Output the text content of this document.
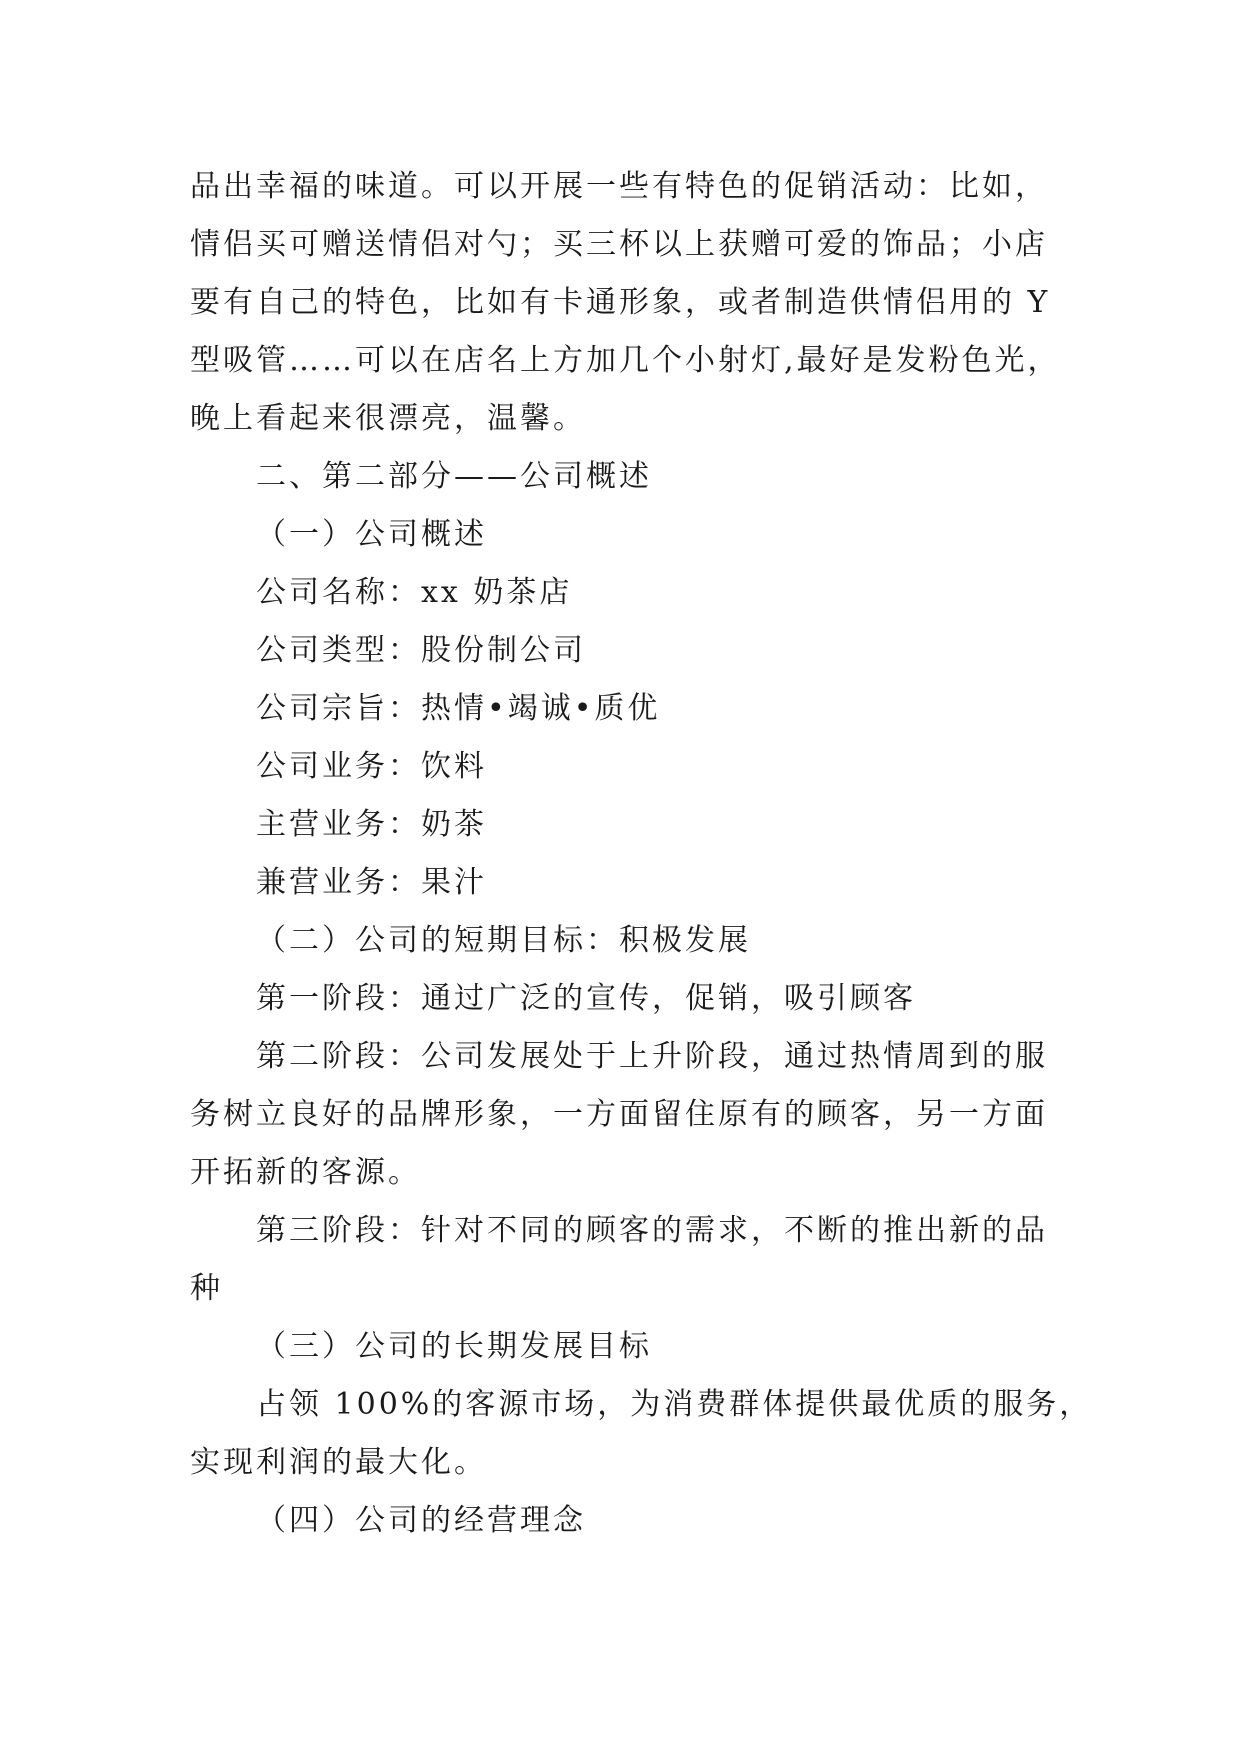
品出幸福的味道。可以开展一些有特色的促销活动：比如，
情侣买可赠送情侣对勺；买三杯以上获赠可爱的饰品；小店
要有自己的特色，比如有卡通形象，或者制造供情侣用的 Y
型吸管……可以在店名上方加几个小射灯,最好是发粉色光，
晚上看起来很漂亮，温馨。
二、第二部分——公司概述
（一）公司概述
公司名称：xx 奶茶店
公司类型：股份制公司
公司宗旨：热情•竭诚•质优
公司业务：饮料
主营业务：奶茶
兼营业务：果汁
（二）公司的短期目标：积极发展
第一阶段：通过广泛的宣传，促销，吸引顾客
第二阶段：公司发展处于上升阶段，通过热情周到的服
务树立良好的品牌形象，一方面留住原有的顾客，另一方面
开拓新的客源。
第三阶段：针对不同的顾客的需求，不断的推出新的品
种
（三）公司的长期发展目标
占领 100%的客源市场，为消费群体提供最优质的服务，
实现利润的最大化。
（四）公司的经营理念
